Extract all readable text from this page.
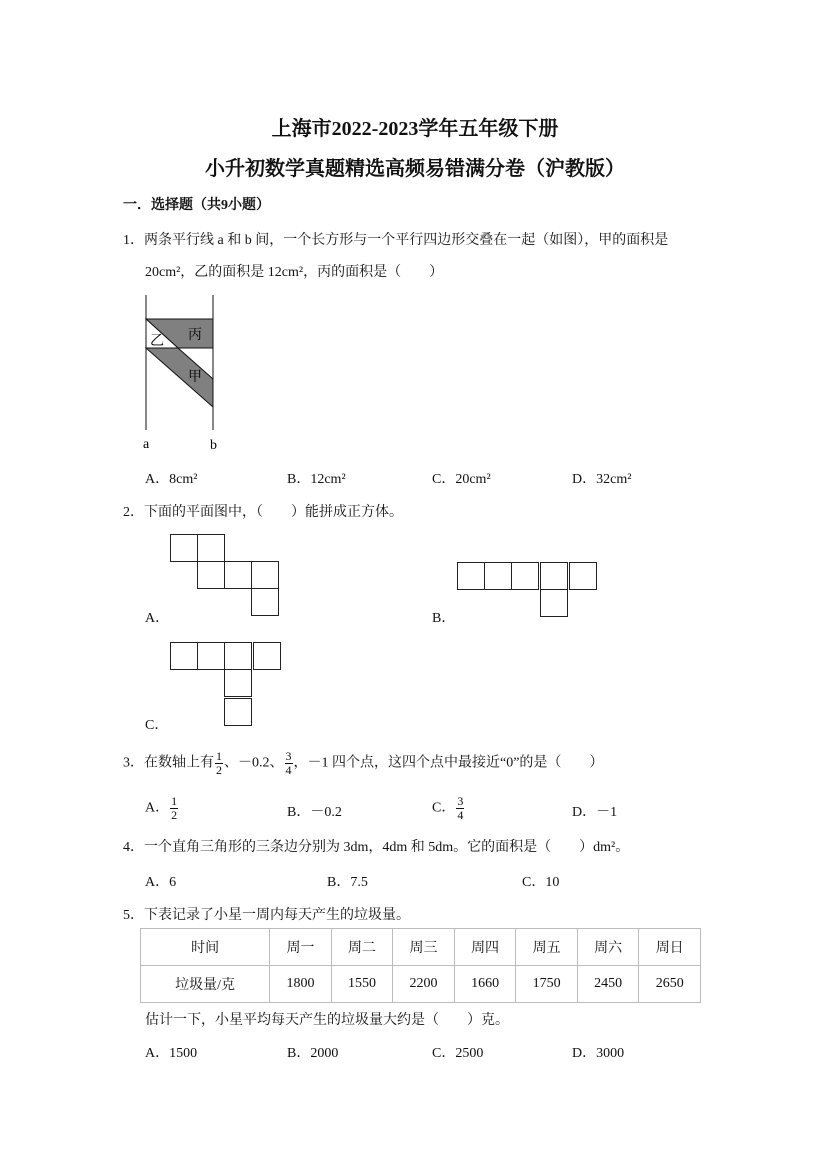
上海市2022-2023学年五年级下册
小升初数学真题精选高频易错满分卷（沪教版）
一．选择题（共9小题）
1．两条平行线 a 和 b 间，一个长方形与一个平行四边形交叠在一起（如图），甲的面积是
20cm²，乙的面积是 12cm²，丙的面积是（　　）
丙
乙
甲
a	b
A．8cm²	B．12cm²	C．20cm²	D．32cm²
2．下面的平面图中，（　　）能拼成正方体。
A．	B．
C．
3．在数轴上有 $\frac{1}{2}$ 、－0.2、 $\frac{3}{4}$ ，－1 四个点，这四个点中最接近“0”的是（　　）
A． $\frac{1}{2}$	B．－0.2	C． $\frac{3}{4}$	D．－1
4．一个直角三角形的三条边分别为 3dm，4dm 和 5dm。它的面积是（　　）dm²。
A．6	B．7.5	C．10
5．下表记录了小星一周内每天产生的垃圾量。
时间	周一	周二	周三	周四	周五	周六	周日
垃圾量/克	1800	1550	2200	1660	1750	2450	2650
估计一下，小星平均每天产生的垃圾量大约是（　　）克。
A．1500	B．2000	C．2500	D．3000
